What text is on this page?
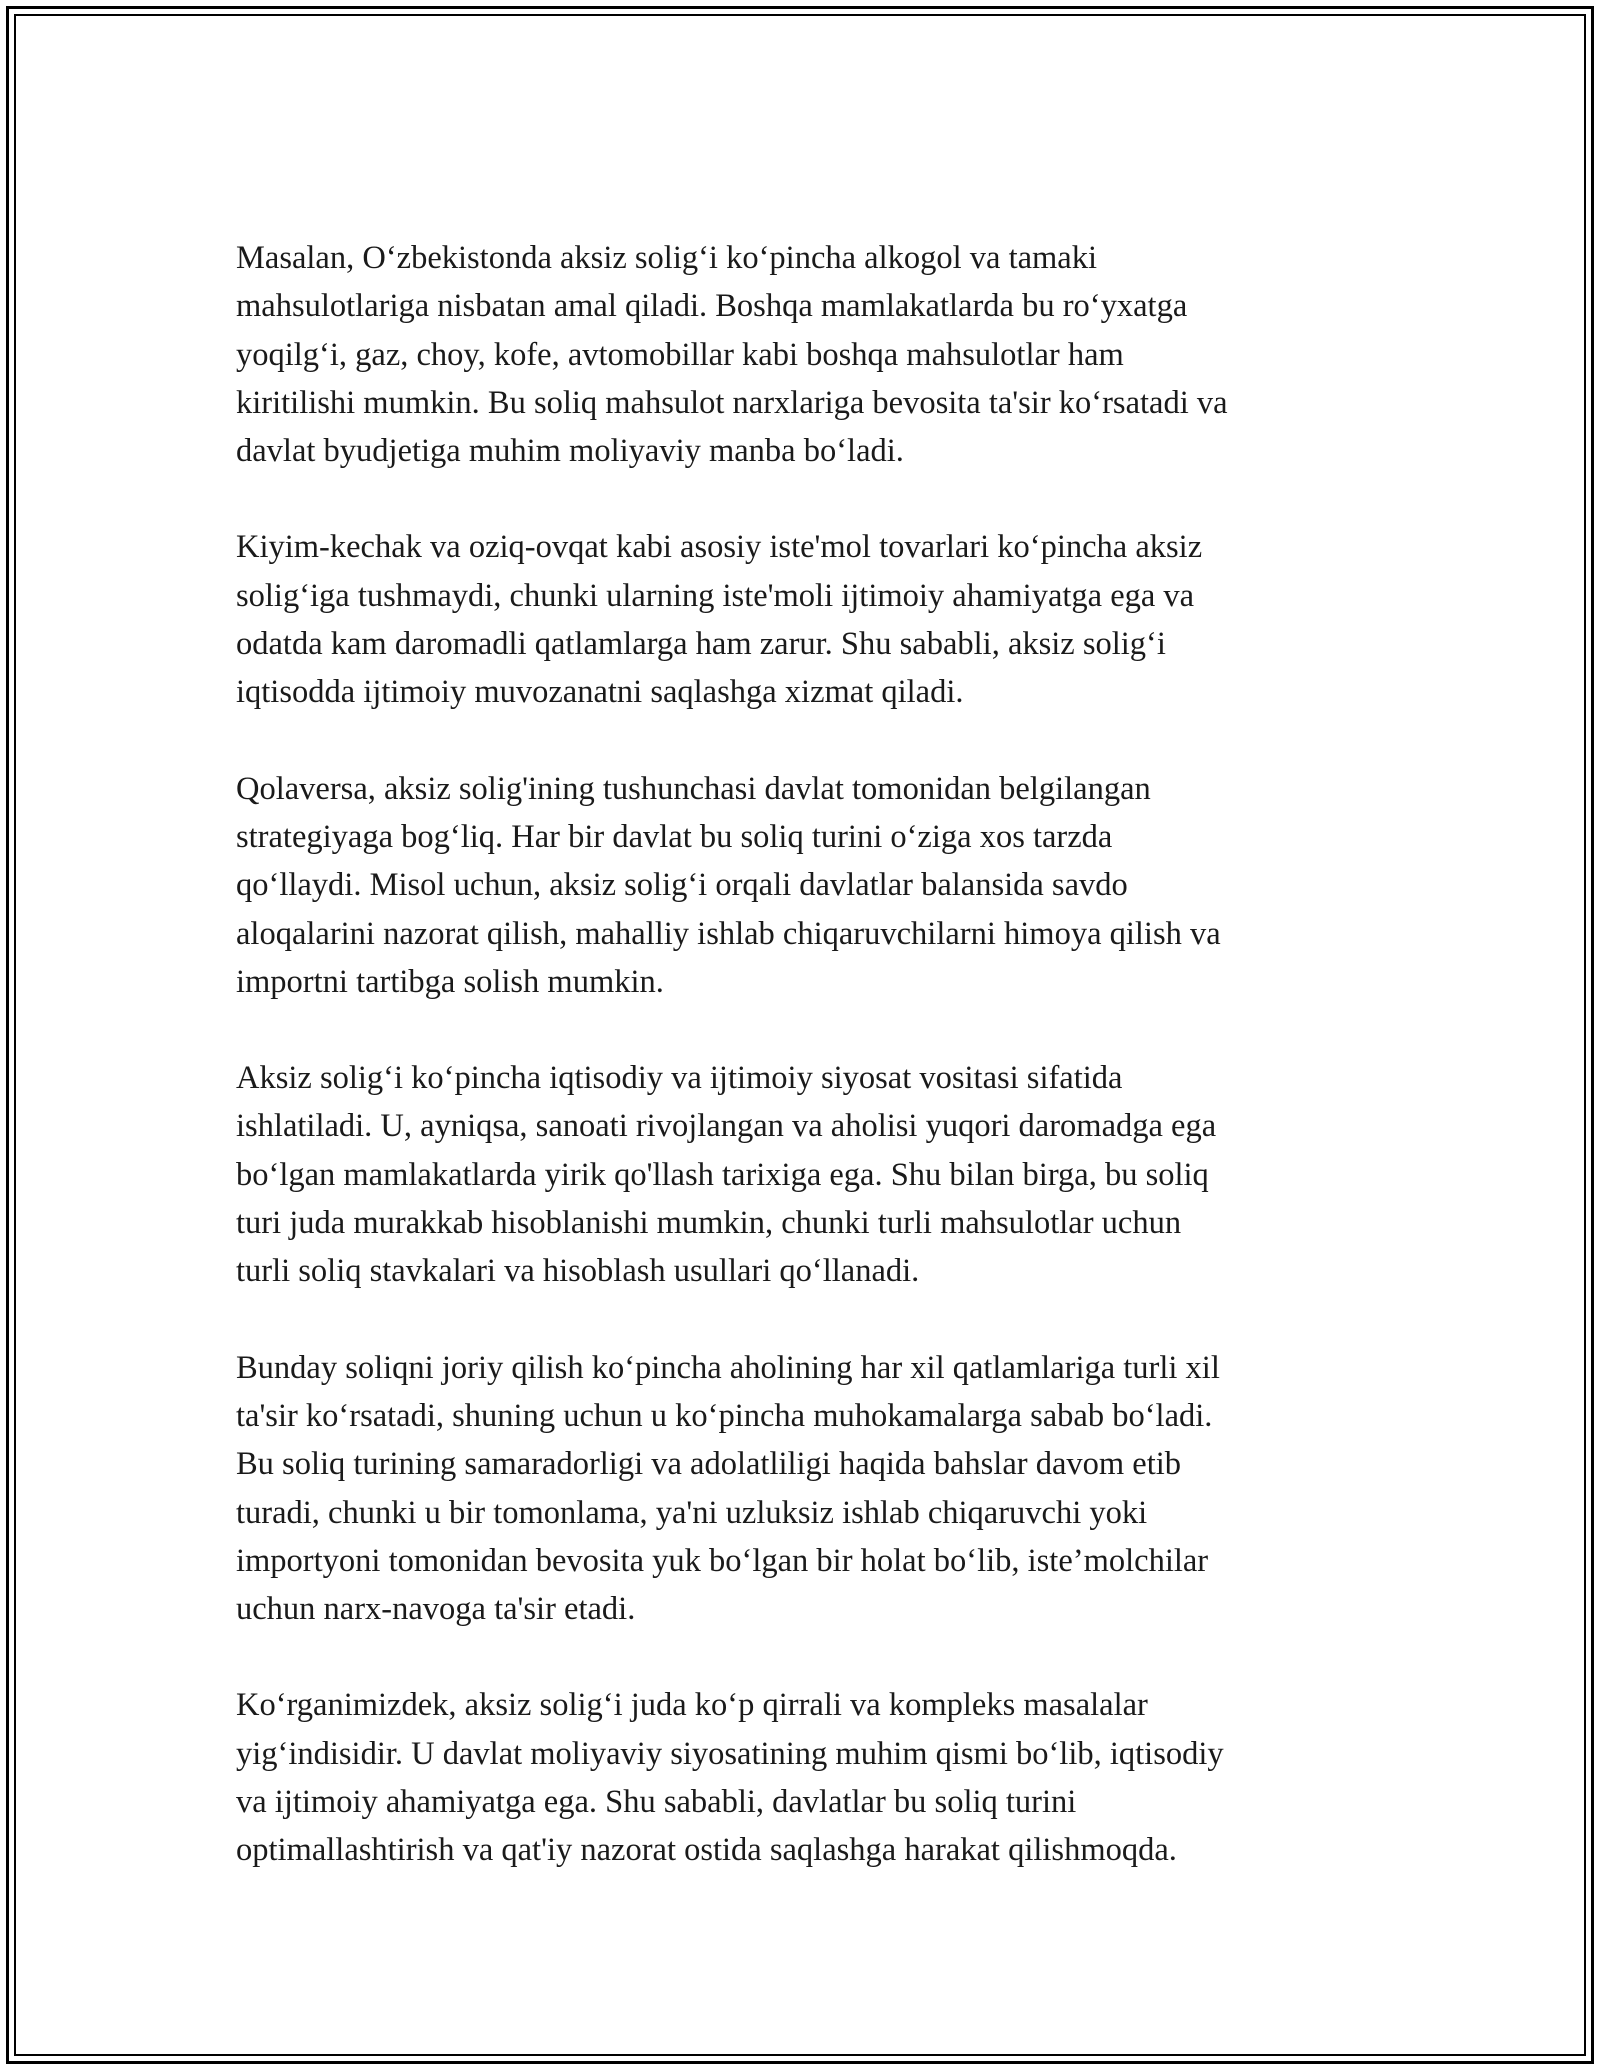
Masalan, O‘zbekistonda aksiz solig‘i ko‘pincha alkogol va tamaki
mahsulotlariga nisbatan amal qiladi. Boshqa mamlakatlarda bu ro‘yxatga
yoqilg‘i, gaz, choy, kofe, avtomobillar kabi boshqa mahsulotlar ham
kiritilishi mumkin. Bu soliq mahsulot narxlariga bevosita ta'sir ko‘rsatadi va
davlat byudjetiga muhim moliyaviy manba bo‘ladi.

Kiyim-kechak va oziq-ovqat kabi asosiy iste'mol tovarlari ko‘pincha aksiz
solig‘iga tushmaydi, chunki ularning iste'moli ijtimoiy ahamiyatga ega va
odatda kam daromadli qatlamlarga ham zarur. Shu sababli, aksiz solig‘i
iqtisodda ijtimoiy muvozanatni saqlashga xizmat qiladi.

Qolaversa, aksiz solig'ining tushunchasi davlat tomonidan belgilangan
strategiyaga bog‘liq. Har bir davlat bu soliq turini o‘ziga xos tarzda
qo‘llaydi. Misol uchun, aksiz solig‘i orqali davlatlar balansida savdo
aloqalarini nazorat qilish, mahalliy ishlab chiqaruvchilarni himoya qilish va
importni tartibga solish mumkin.

Aksiz solig‘i ko‘pincha iqtisodiy va ijtimoiy siyosat vositasi sifatida
ishlatiladi. U, ayniqsa, sanoati rivojlangan va aholisi yuqori daromadga ega
bo‘lgan mamlakatlarda yirik qo'llash tarixiga ega. Shu bilan birga, bu soliq
turi juda murakkab hisoblanishi mumkin, chunki turli mahsulotlar uchun
turli soliq stavkalari va hisoblash usullari qo‘llanadi.

Bunday soliqni joriy qilish ko‘pincha aholining har xil qatlamlariga turli xil
ta'sir ko‘rsatadi, shuning uchun u ko‘pincha muhokamalarga sabab bo‘ladi.
Bu soliq turining samaradorligi va adolatliligi haqida bahslar davom etib
turadi, chunki u bir tomonlama, ya'ni uzluksiz ishlab chiqaruvchi yoki
importyoni tomonidan bevosita yuk bo‘lgan bir holat bo‘lib, iste’molchilar
uchun narx-navoga ta'sir etadi.

Ko‘rganimizdek, aksiz solig‘i juda ko‘p qirrali va kompleks masalalar
yig‘indisidir. U davlat moliyaviy siyosatining muhim qismi bo‘lib, iqtisodiy
va ijtimoiy ahamiyatga ega. Shu sababli, davlatlar bu soliq turini
optimallashtirish va qat'iy nazorat ostida saqlashga harakat qilishmoqda.
